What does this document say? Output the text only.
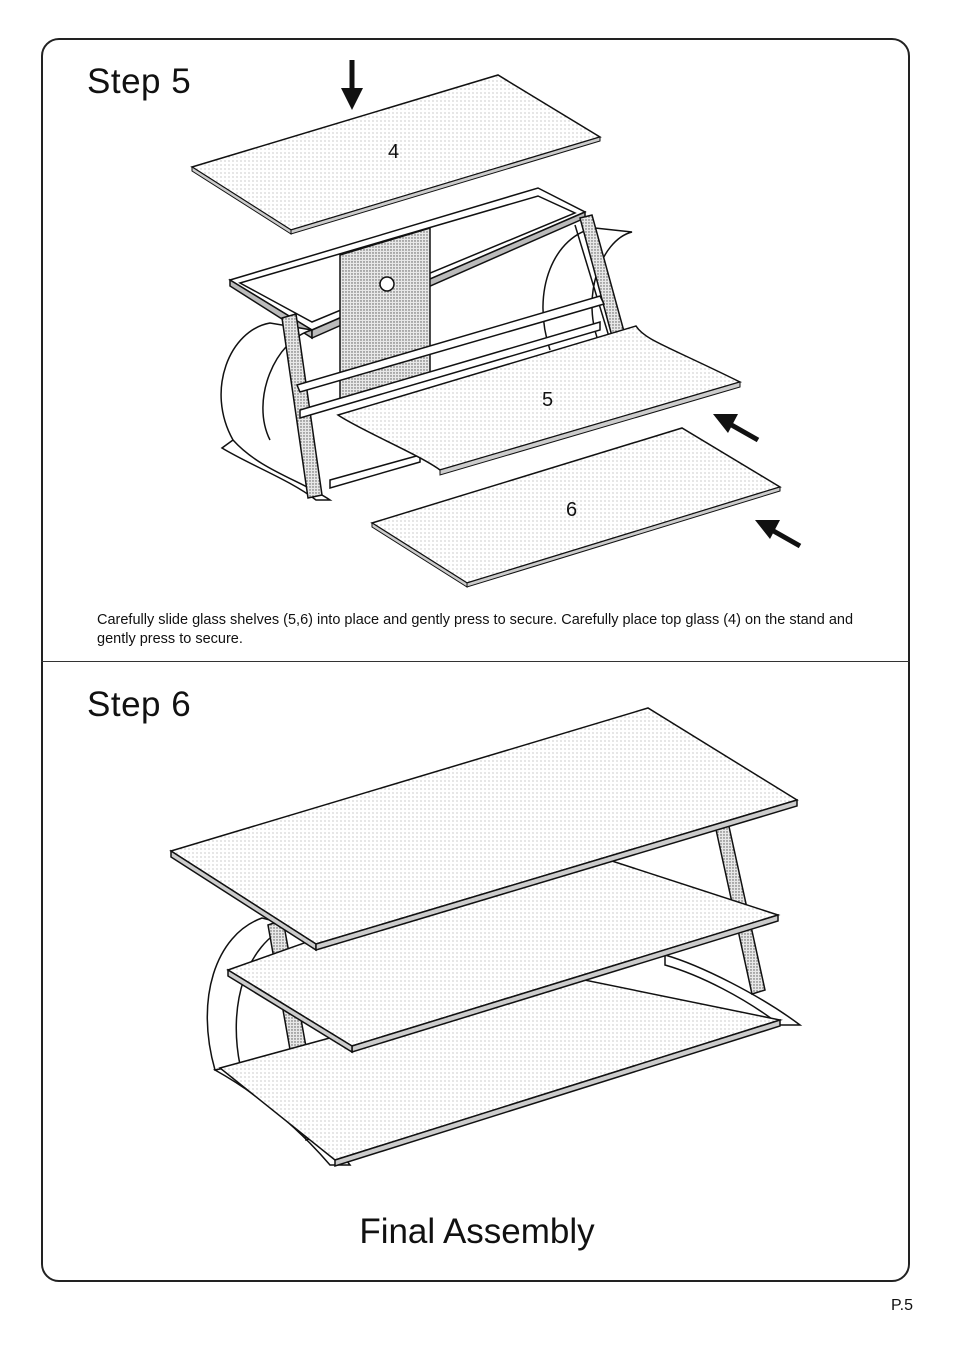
Step 5
4
5
6

Carefully slide glass shelves (5,6) into place and gently press to secure. Carefully place top glass (4) on the stand and gently press to secure.

Step 6

Final Assembly

P.5
